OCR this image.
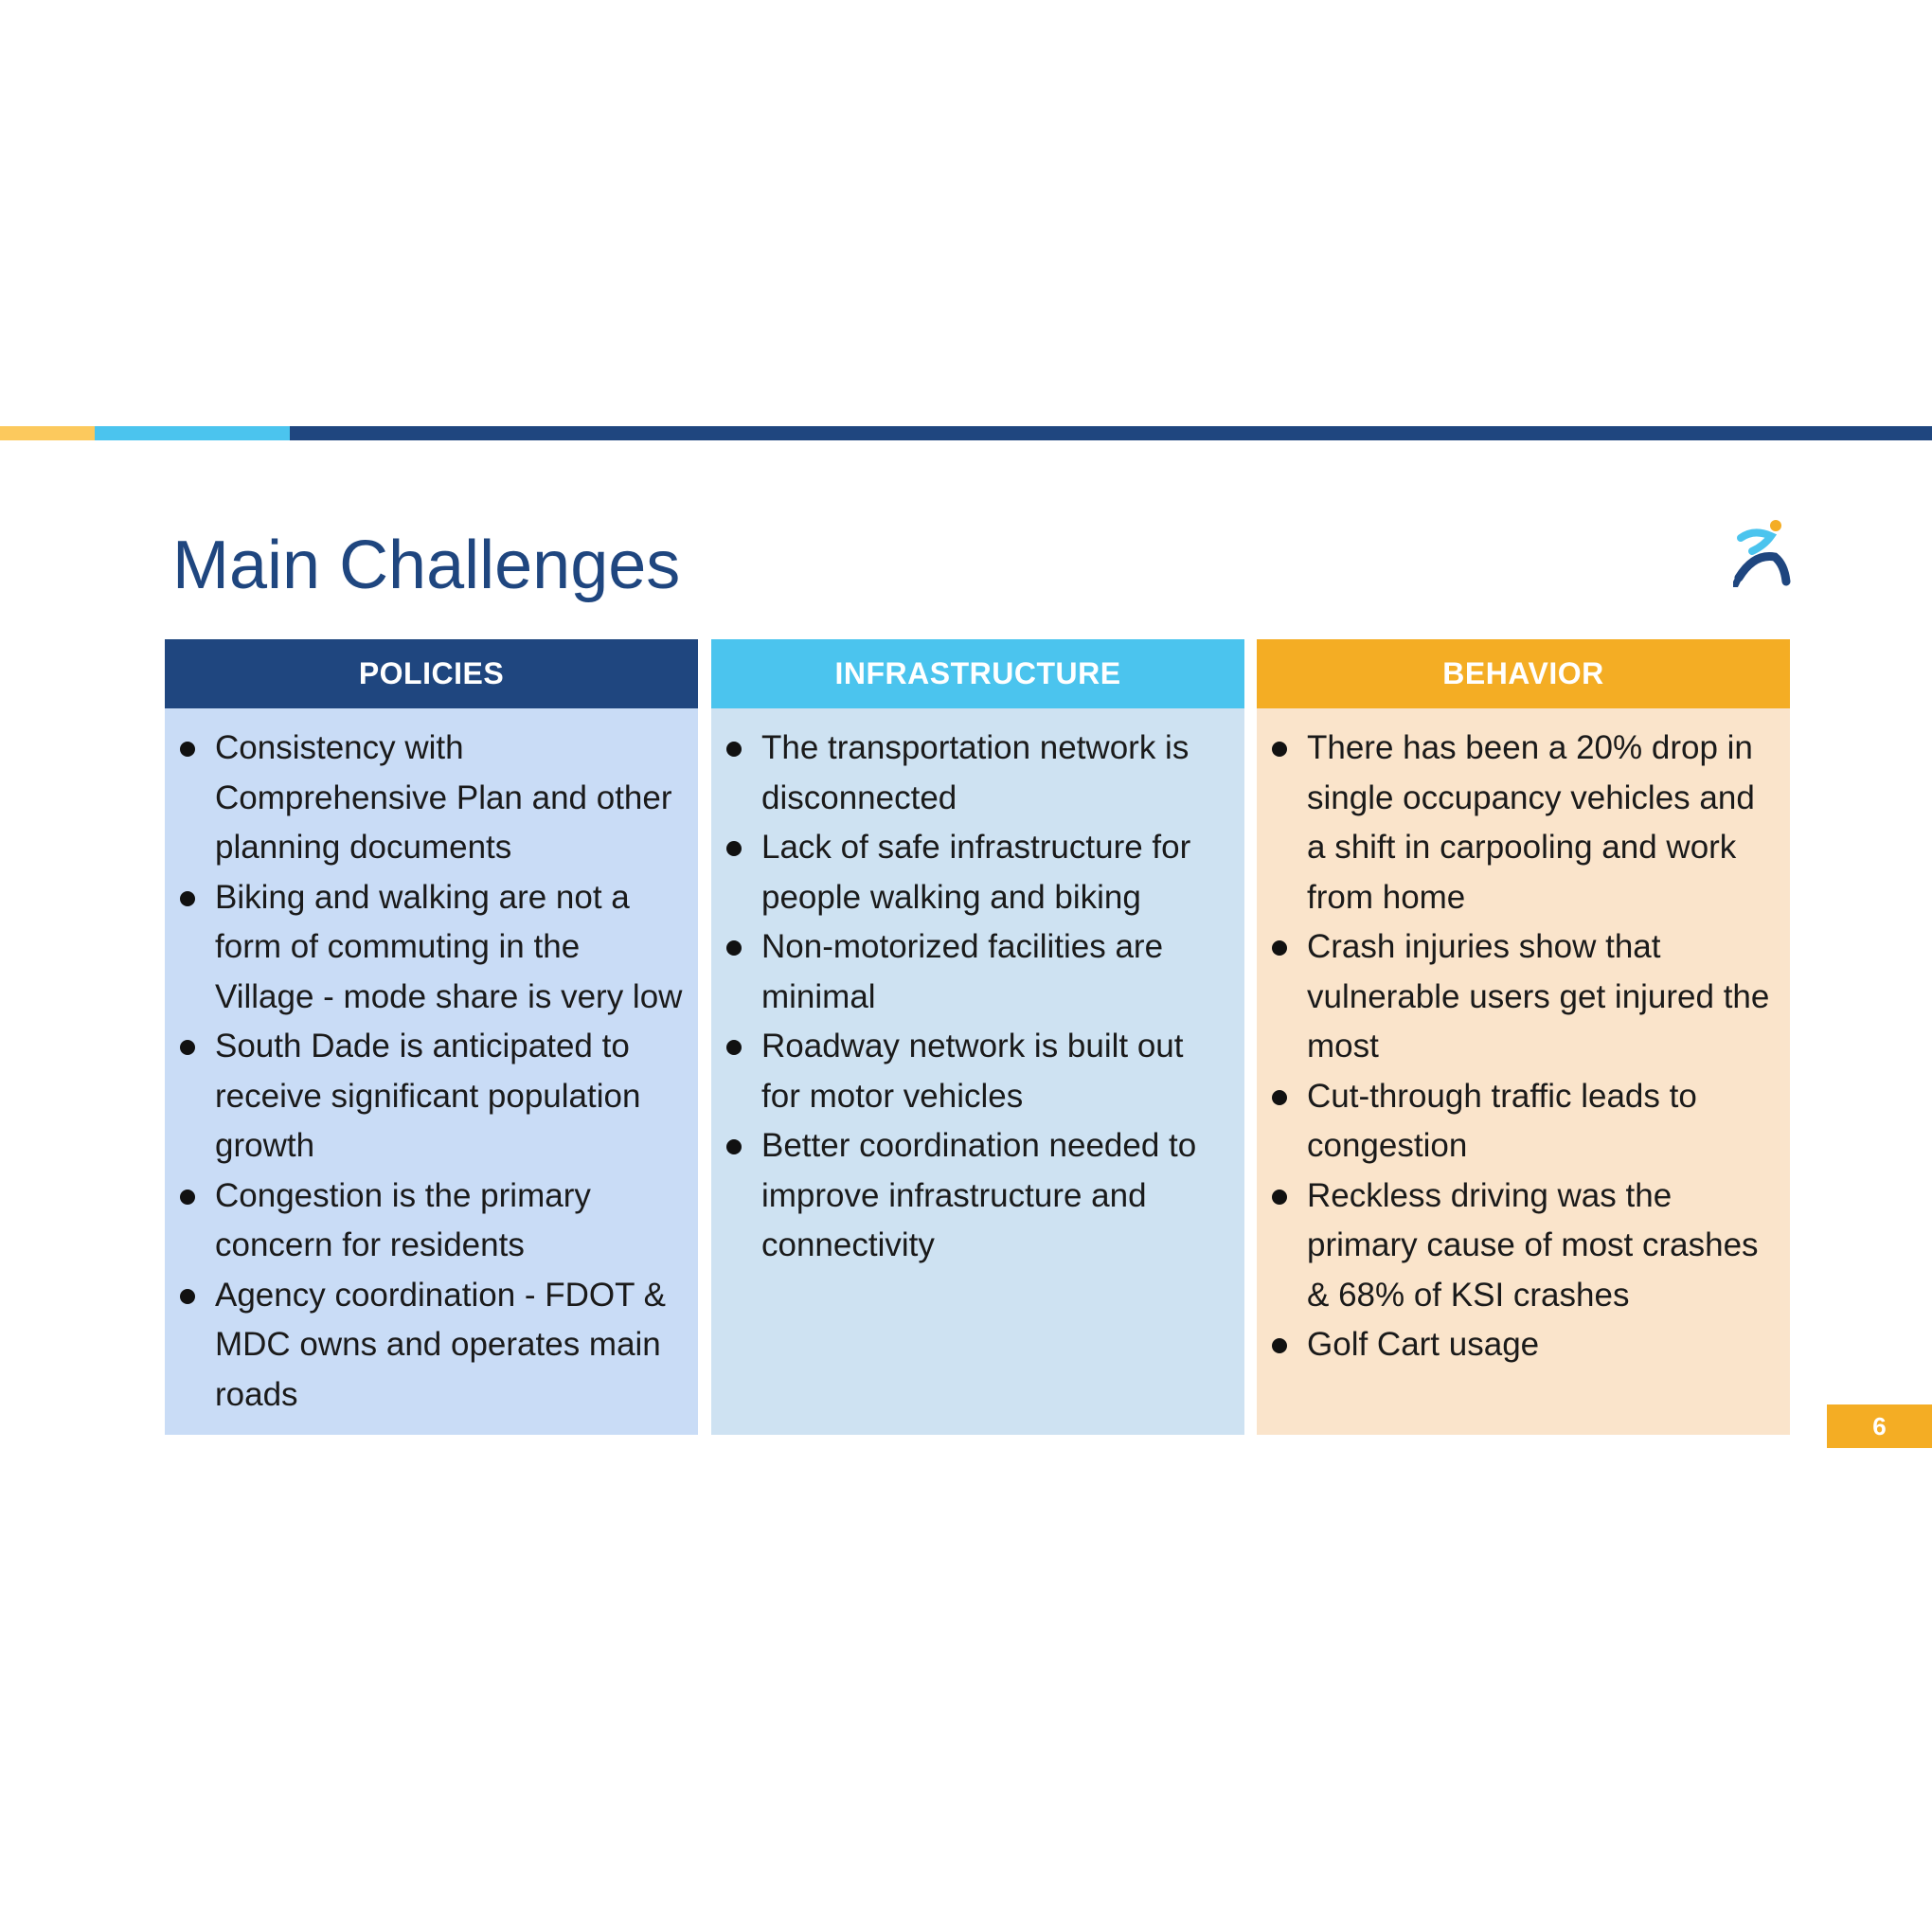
Main Challenges
POLICIES
Consistency with Comprehensive Plan and other planning documents
Biking and walking are not a form of commuting in the Village - mode share is very low
South Dade is anticipated to receive significant population growth
Congestion is the primary concern for residents
Agency coordination - FDOT & MDC owns and operates main roads
INFRASTRUCTURE
The transportation network is disconnected
Lack of safe infrastructure for people walking and biking
Non-motorized facilities are minimal
Roadway network is built out for motor vehicles
Better coordination needed to improve infrastructure and connectivity
BEHAVIOR
There has been a 20% drop in single occupancy vehicles and a shift in carpooling and work from home
Crash injuries show that vulnerable users get injured the most
Cut-through traffic leads to congestion
Reckless driving was the primary cause of most crashes & 68% of KSI crashes
Golf Cart usage
6
